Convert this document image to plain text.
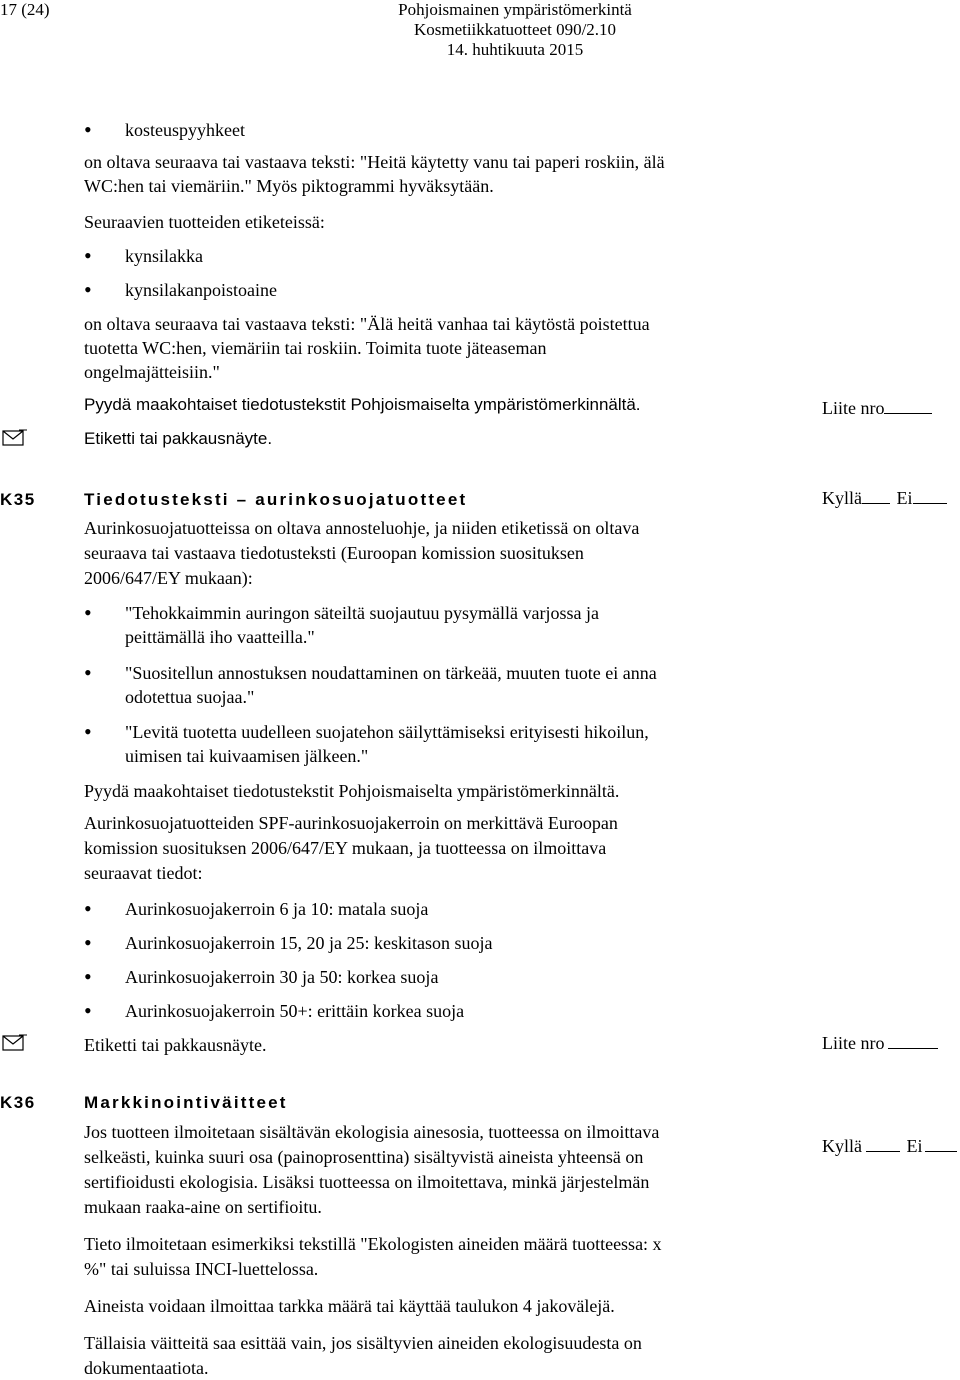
17 (24)	Pohjoismainen ympäristömerkintä
Kosmetiikkatuotteet 090/2.10
14. huhtikuuta 2015
• kosteuspyyhkeet
on oltava seuraava tai vastaava teksti: "Heitä käytetty vanu tai paperi roskiin, älä
WC:hen tai viemäriin." Myös piktogrammi hyväksytään.
Seuraavien tuotteiden etiketeissä:
• kynsilakka
• kynsilakanpoistoaine
on oltava seuraava tai vastaava teksti: "Älä heitä vanhaa tai käytöstä poistettua
tuotetta WC:hen, viemäriin tai roskiin. Toimita tuote jäteaseman
ongelmajätteisiin."
Pyydä maakohtaiset tiedotustekstit Pohjoismaiselta ympäristömerkinnältä.	Liite nro
Etiketti tai pakkausnäyte.
K35	Tiedotusteksti – aurinkosuojatuotteet	Kyllä Ei
Aurinkosuojatuotteissa on oltava annosteluohje, ja niiden etiketissä on oltava
seuraava tai vastaava tiedotusteksti (Euroopan komission suosituksen
2006/647/EY mukaan):
• "Tehokkaimmin auringon säteiltä suojautuu pysymällä varjossa ja
peittämällä iho vaatteilla."
• "Suositellun annostuksen noudattaminen on tärkeää, muuten tuote ei anna
odotettua suojaa."
• "Levitä tuotetta uudelleen suojatehon säilyttämiseksi erityisesti hikoilun,
uimisen tai kuivaamisen jälkeen."
Pyydä maakohtaiset tiedotustekstit Pohjoismaiselta ympäristömerkinnältä.
Aurinkosuojatuotteiden SPF-aurinkosuojakerroin on merkittävä Euroopan
komission suosituksen 2006/647/EY mukaan, ja tuotteessa on ilmoittava
seuraavat tiedot:
• Aurinkosuojakerroin 6 ja 10: matala suoja
• Aurinkosuojakerroin 15, 20 ja 25: keskitason suoja
• Aurinkosuojakerroin 30 ja 50: korkea suoja
• Aurinkosuojakerroin 50+: erittäin korkea suoja
Etiketti tai pakkausnäyte.	Liite nro
K36	Markkinointiväitteet
Kyllä Ei
Jos tuotteen ilmoitetaan sisältävän ekologisia ainesosia, tuotteessa on ilmoittava
selkeästi, kuinka suuri osa (painoprosenttina) sisältyvistä aineista yhteensä on
sertifioidusti ekologisia. Lisäksi tuotteessa on ilmoitettava, minkä järjestelmän
mukaan raaka-aine on sertifioitu.
Tieto ilmoitetaan esimerkiksi tekstillä "Ekologisten aineiden määrä tuotteessa: x
%" tai suluissa INCI-luettelossa.
Aineista voidaan ilmoittaa tarkka määrä tai käyttää taulukon 4 jakovälejä.
Tällaisia väitteitä saa esittää vain, jos sisältyvien aineiden ekologisuudesta on
dokumentaatiota.
